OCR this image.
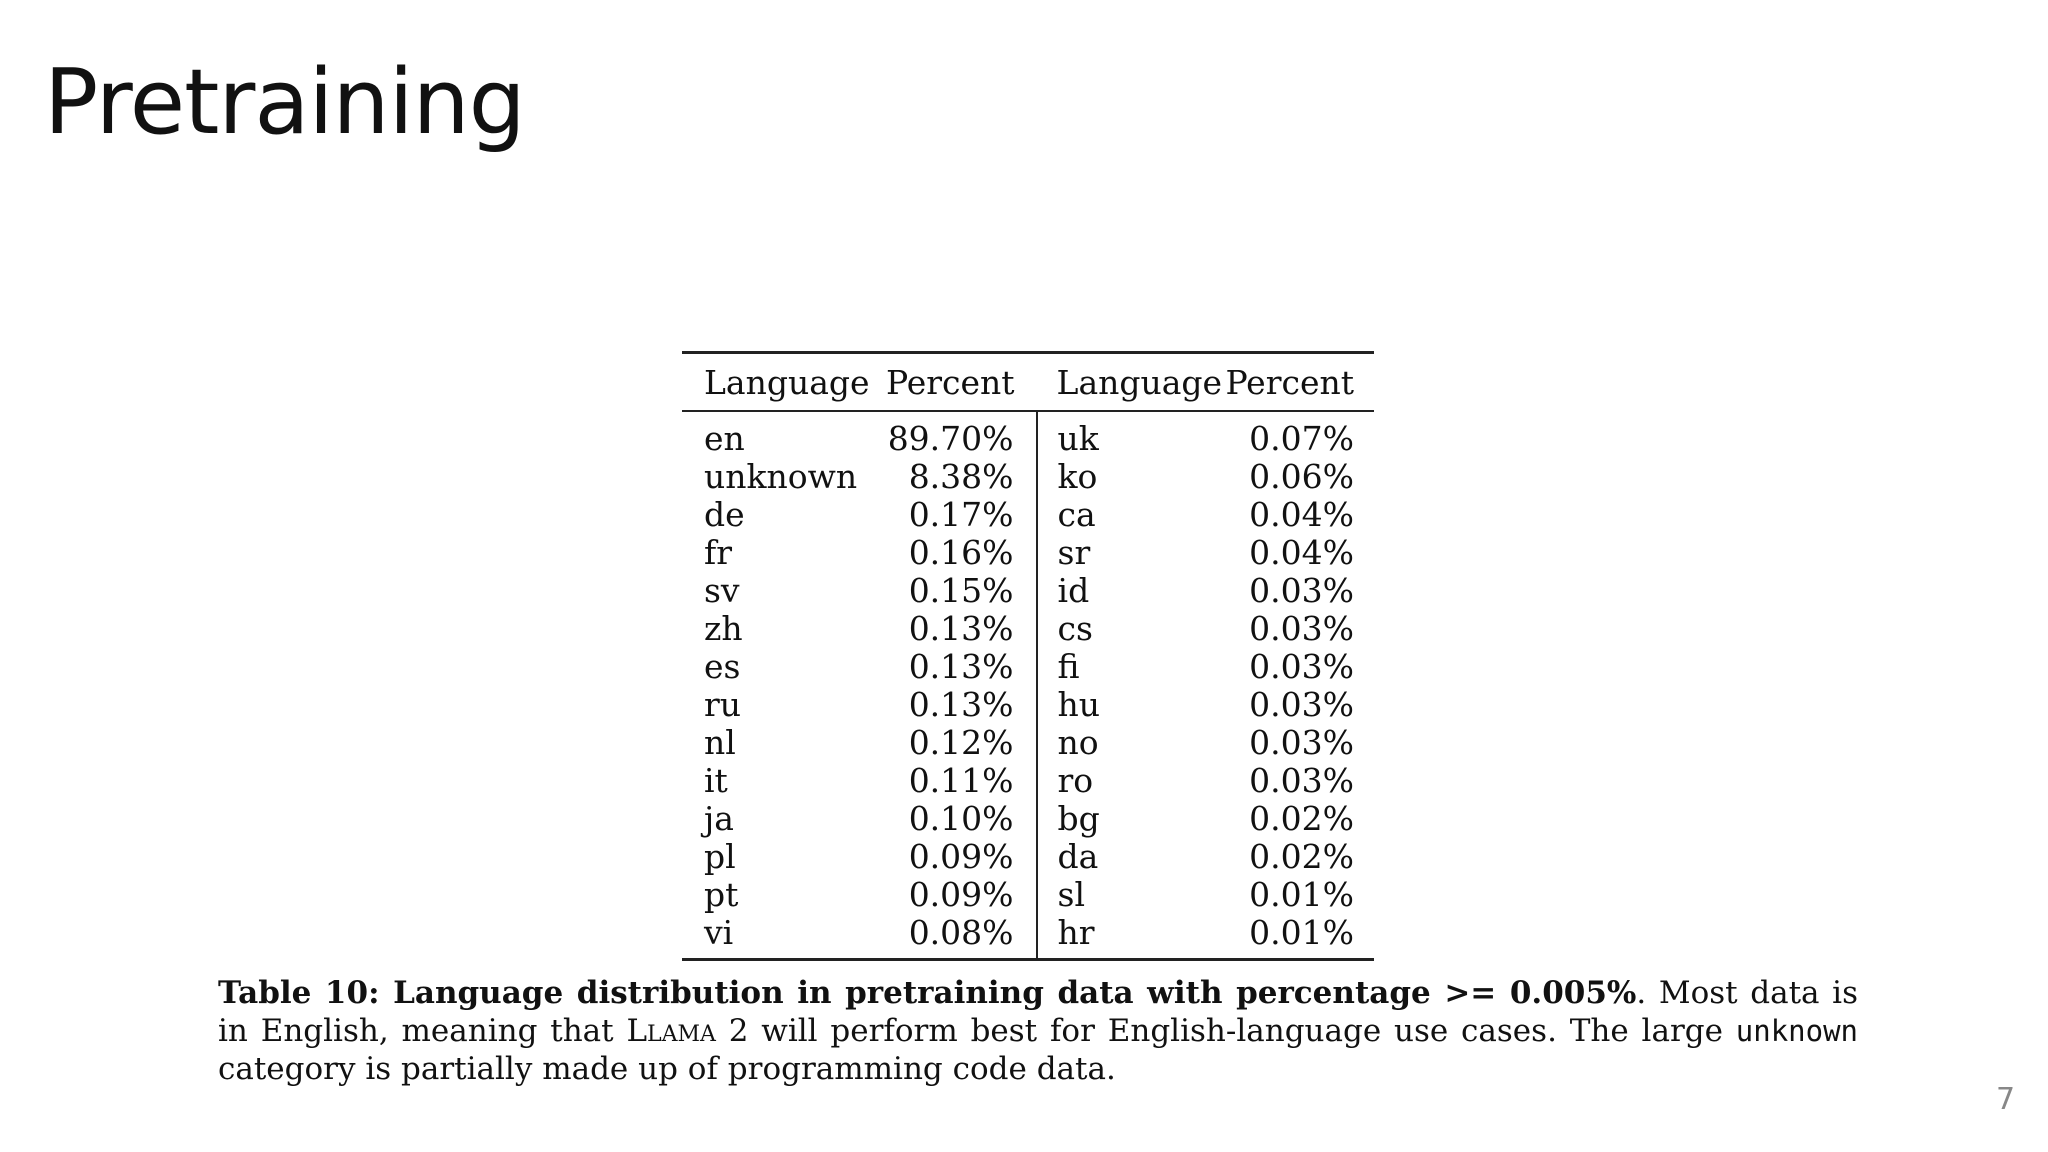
Pretraining
Language	Percent	Language	Percent
en	89.70%	uk	0.07%
unknown	8.38%	ko	0.06%
de	0.17%	ca	0.04%
fr	0.16%	sr	0.04%
sv	0.15%	id	0.03%
zh	0.13%	cs	0.03%
es	0.13%	fi	0.03%
ru	0.13%	hu	0.03%
nl	0.12%	no	0.03%
it	0.11%	ro	0.03%
ja	0.10%	bg	0.02%
pl	0.09%	da	0.02%
pt	0.09%	sl	0.01%
vi	0.08%	hr	0.01%
Table 10: Language distribution in pretraining data with percentage >= 0.005%. Most data is in English, meaning that Llama 2 will perform best for English-language use cases. The large unknown category is partially made up of programming code data.
7
